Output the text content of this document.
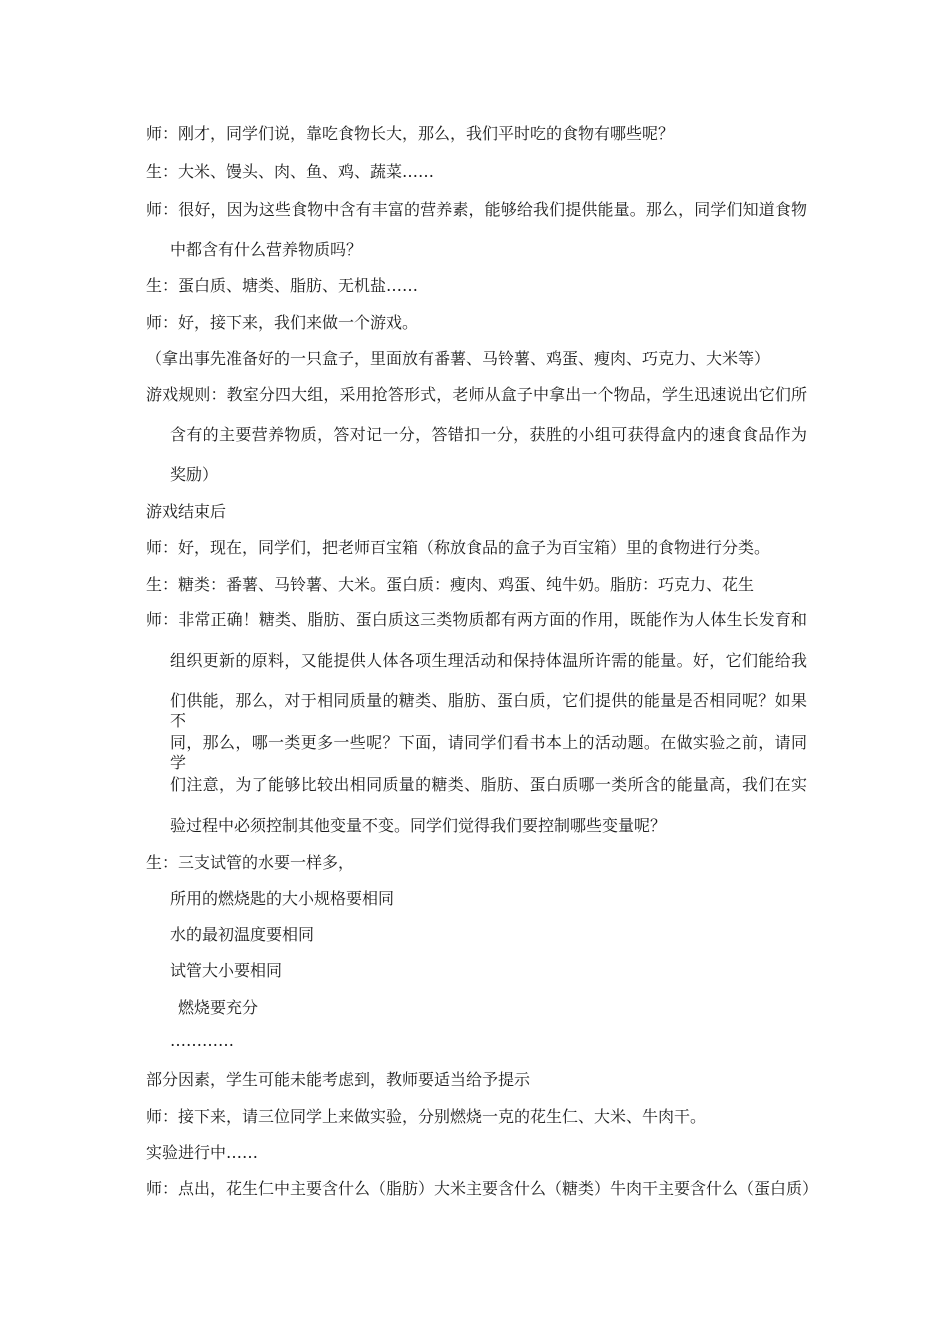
师：刚才，同学们说，靠吃食物长大，那么，我们平时吃的食物有哪些呢？
生：大米、馒头、肉、鱼、鸡、蔬菜……
师：很好，因为这些食物中含有丰富的营养素，能够给我们提供能量。那么，同学们知道食物
中都含有什么营养物质吗？
生：蛋白质、塘类、脂肪、无机盐……
师：好，接下来，我们来做一个游戏。
（拿出事先准备好的一只盒子，里面放有番薯、马铃薯、鸡蛋、瘦肉、巧克力、大米等）
游戏规则：教室分四大组，采用抢答形式，老师从盒子中拿出一个物品，学生迅速说出它们所
含有的主要营养物质，答对记一分，答错扣一分，获胜的小组可获得盒内的速食食品作为
奖励）
游戏结束后
师：好，现在，同学们，把老师百宝箱（称放食品的盒子为百宝箱）里的食物进行分类。
生：糖类：番薯、马铃薯、大米。蛋白质：瘦肉、鸡蛋、纯牛奶。脂肪：巧克力、花生
师：非常正确！糖类、脂肪、蛋白质这三类物质都有两方面的作用，既能作为人体生长发育和
组织更新的原料，又能提供人体各项生理活动和保持体温所许需的能量。好，它们能给我
们供能，那么，对于相同质量的糖类、脂肪、蛋白质，它们提供的能量是否相同呢？如果不
同，那么，哪一类更多一些呢？下面，请同学们看书本上的活动题。在做实验之前，请同学
们注意，为了能够比较出相同质量的糖类、脂肪、蛋白质哪一类所含的能量高，我们在实
验过程中必须控制其他变量不变。同学们觉得我们要控制哪些变量呢？
生：三支试管的水要一样多，
所用的燃烧匙的大小规格要相同
水的最初温度要相同
试管大小要相同
燃烧要充分
…………
部分因素，学生可能未能考虑到，教师要适当给予提示
师：接下来，请三位同学上来做实验，分别燃烧一克的花生仁、大米、牛肉干。
实验进行中……
师：点出，花生仁中主要含什么（脂肪）大米主要含什么（糖类）牛肉干主要含什么（蛋白质）
